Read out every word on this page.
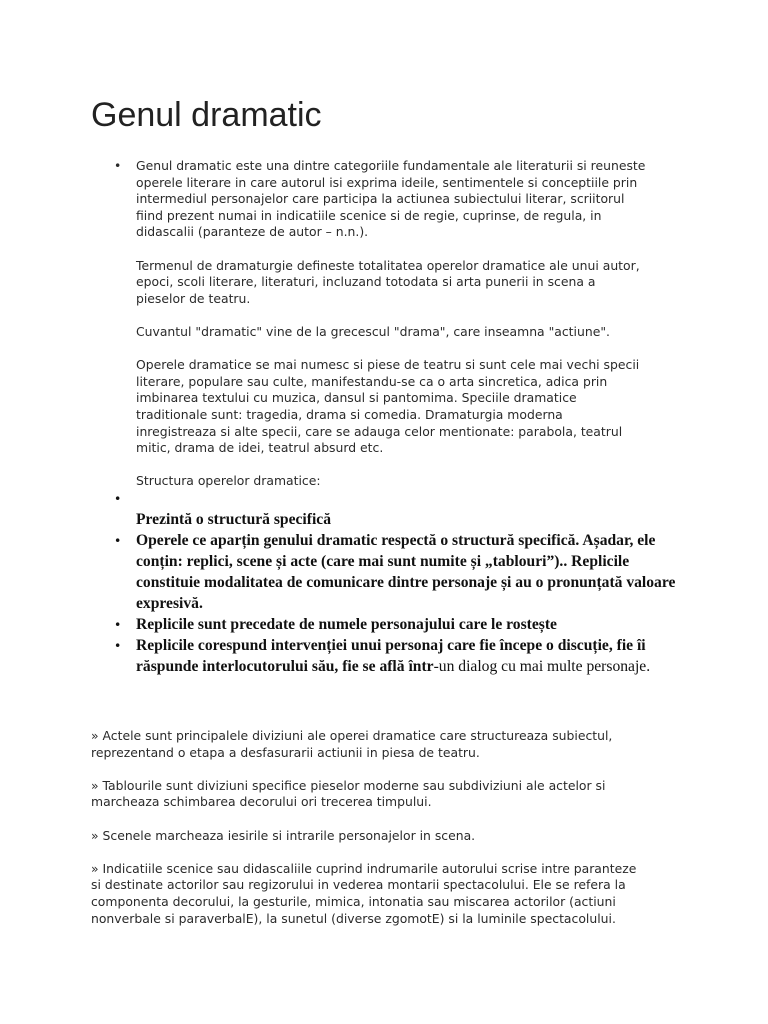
Genul dramatic
• Genul dramatic este una dintre categoriile fundamentale ale literaturii si reuneste
operele literare in care autorul isi exprima ideile, sentimentele si conceptiile prin
intermediul personajelor care participa la actiunea subiectului literar, scriitorul
fiind prezent numai in indicatiile scenice si de regie, cuprinse, de regula, in
didascalii (paranteze de autor – n.n.).

Termenul de dramaturgie defineste totalitatea operelor dramatice ale unui autor,
epoci, scoli literare, literaturi, incluzand totodata si arta punerii in scena a
pieselor de teatru.

Cuvantul "dramatic" vine de la grecescul "drama", care inseamna "actiune".

Operele dramatice se mai numesc si piese de teatru si sunt cele mai vechi specii
literare, populare sau culte, manifestandu-se ca o arta sincretica, adica prin
imbinarea textului cu muzica, dansul si pantomima. Speciile dramatice
traditionale sunt: tragedia, drama si comedia. Dramaturgia moderna
inregistreaza si alte specii, care se adauga celor mentionate: parabola, teatrul
mitic, drama de idei, teatrul absurd etc.

Structura operelor dramatice:

•
Prezintă o structură specifică
• Operele ce aparțin genului dramatic respectă o structură specifică. Așadar, ele conțin: replici, scene și acte (care mai sunt numite și „tablouri”).. Replicile constituie modalitatea de comunicare dintre personaje și au o pronunțată valoare expresivă.
• Replicile sunt precedate de numele personajului care le rostește
• Replicile corespund intervenției unui personaj care fie începe o discuție, fie îi răspunde interlocutorului său, fie se află într-un dialog cu mai multe personaje.

» Actele sunt principalele diviziuni ale operei dramatice care structureaza subiectul,
reprezentand o etapa a desfasurarii actiunii in piesa de teatru.

» Tablourile sunt diviziuni specifice pieselor moderne sau subdiviziuni ale actelor si
marcheaza schimbarea decorului ori trecerea timpului.

» Scenele marcheaza iesirile si intrarile personajelor in scena.

» Indicatiile scenice sau didascaliile cuprind indrumarile autorului scrise intre paranteze
si destinate actorilor sau regizorului in vederea montarii spectacolului. Ele se refera la
componenta decorului, la gesturile, mimica, intonatia sau miscarea actorilor (actiuni
nonverbale si paraverbalE), la sunetul (diverse zgomotE) si la luminile spectacolului.
